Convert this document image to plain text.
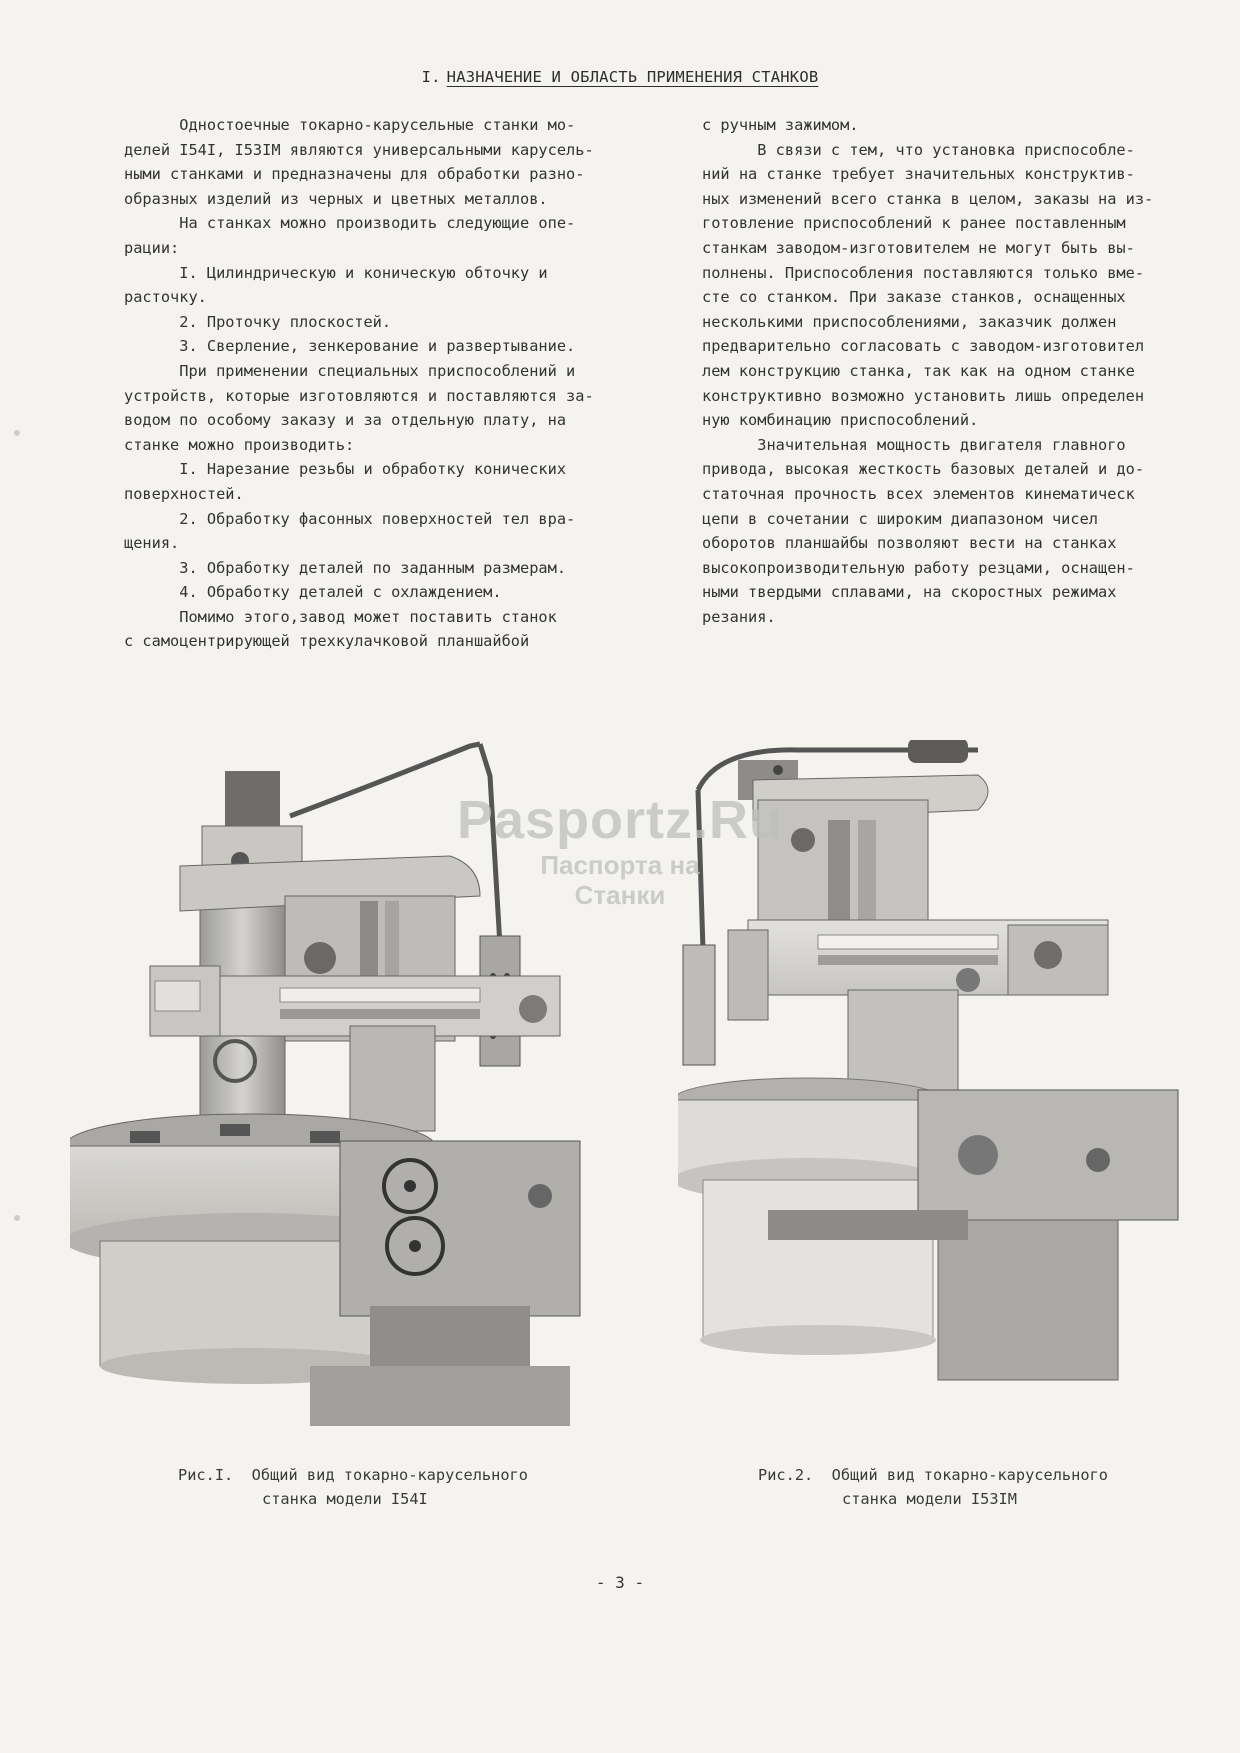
I. НАЗНАЧЕНИЕ И ОБЛАСТЬ ПРИМЕНЕНИЯ СТАНКОВ
Одностоечные токарно-карусельные станки мо-
делей I54I, I53IM являются универсальными карусель-
ными станками и предназначены для обработки разно-
образных изделий из черных и цветных металлов.
На станках можно производить следующие опе-
рации:
I. Цилиндрическую и коническую обточку и
расточку.
2. Проточку плоскостей.
3. Сверление, зенкерование и развертывание.
При применении специальных приспособлений и
устройств, которые изготовляются и поставляются за-
водом по особому заказу и за отдельную плату, на
станке можно производить:
I. Нарезание резьбы и обработку конических
поверхностей.
2. Обработку фасонных поверхностей тел вра-
щения.
3. Обработку деталей по заданным размерам.
4. Обработку деталей с охлаждением.
Помимо этого,завод может поставить станок
с самоцентрирующей трехкулачковой планшайбой
с ручным зажимом.
В связи с тем, что установка приспособле-
ний на станке требует значительных конструктив-
ных изменений всего станка в целом, заказы на из-
готовление приспособлений к ранее поставленным
станкам заводом-изготовителем не могут быть вы-
полнены. Приспособления поставляются только вме-
сте со станком. При заказе станков, оснащенных
несколькими приспособлениями, заказчик должен
предварительно согласовать с заводом-изготовител
лем конструкцию станка, так как на одном станке
конструктивно возможно установить лишь определен
ную комбинацию приспособлений.
Значительная мощность двигателя главного
привода, высокая жесткость базовых деталей и до-
статочная прочность всех элементов кинематическ
цепи в сочетании с широким диапазоном чисел
оборотов планшайбы позволяют вести на станках
высокопроизводительную работу резцами, оснащен-
ными твердыми сплавами, на скоростных режимах
резания.
Pasportz.Ru
Паспорта на
Станки
Рис.I.  Общий вид токарно-карусельного
станка модели I54I
Рис.2.  Общий вид токарно-карусельного
станка модели I53IM
- 3 -
